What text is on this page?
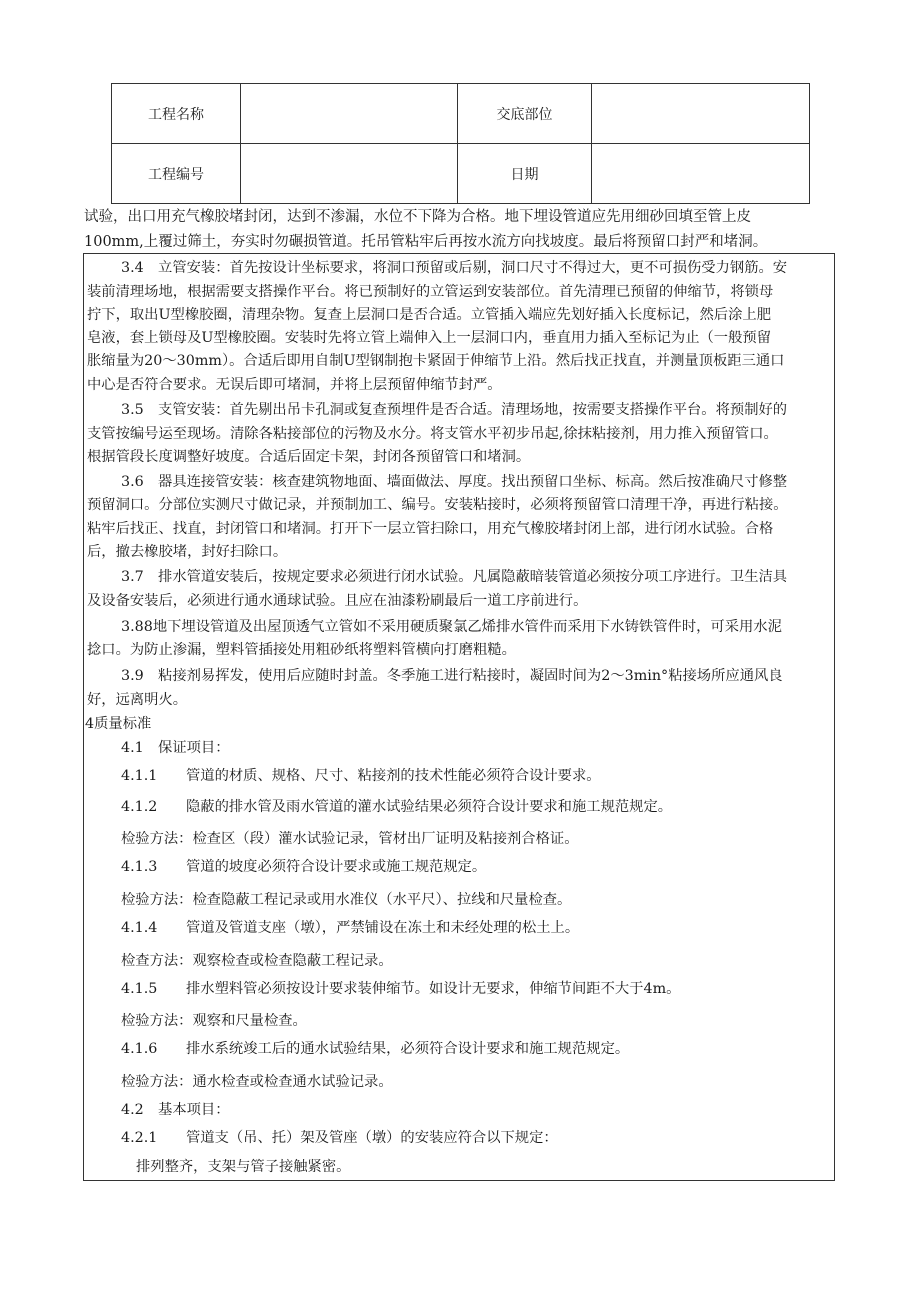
工程名称		交底部位	
工程编号		日期	
试验，出口用充气橡胶堵封闭，达到不渗漏，水位不下降为合格。地下埋设管道应先用细砂回填至管上皮
100mm,上覆过筛土，夯实时勿碾损管道。托吊管粘牢后再按水流方向找坡度。最后将预留口封严和堵洞。
3.4　立管安装：首先按设计坐标要求，将洞口预留或后剔，洞口尺寸不得过大，更不可损伤受力钢筋。安
装前清理场地，根据需要支搭操作平台。将已预制好的立管运到安装部位。首先清理已预留的伸缩节，将锁母
拧下，取出U型橡胶圈，清理杂物。复查上层洞口是否合适。立管插入端应先划好插入长度标记，然后涂上肥
皂液，套上锁母及U型橡胶圈。安装时先将立管上端伸入上一层洞口内，垂直用力插入至标记为止（一般预留
胀缩量为20～30mm）。合适后即用自制U型钢制抱卡紧固于伸缩节上沿。然后找正找直，并测量顶板距三通口
中心是否符合要求。无误后即可堵洞，并将上层预留伸缩节封严。
3.5　支管安装：首先剔出吊卡孔洞或复查预埋件是否合适。清理场地，按需要支搭操作平台。将预制好的
支管按编号运至现场。清除各粘接部位的污物及水分。将支管水平初步吊起,徐抹粘接剂，用力推入预留管口。
根据管段长度调整好坡度。合适后固定卡架，封闭各预留管口和堵洞。
3.6　器具连接管安装：核查建筑物地面、墙面做法、厚度。找出预留口坐标、标高。然后按准确尺寸修整
预留洞口。分部位实测尺寸做记录，并预制加工、编号。安装粘接时，必须将预留管口清理干净，再进行粘接。
粘牢后找正、找直，封闭管口和堵洞。打开下一层立管扫除口，用充气橡胶堵封闭上部，进行闭水试验。合格
后，撤去橡胶堵，封好扫除口。
3.7　排水管道安装后，按规定要求必须进行闭水试验。凡属隐蔽暗装管道必须按分项工序进行。卫生洁具
及设备安装后，必须进行通水通球试验。且应在油漆粉刷最后一道工序前进行。
3.88地下埋设管道及出屋顶透气立管如不采用硬质聚氯乙烯排水管件而采用下水铸铁管件时，可采用水泥
捻口。为防止渗漏，塑料管插接处用粗砂纸将塑料管横向打磨粗糙。
3.9　粘接剂易挥发，使用后应随时封盖。冬季施工进行粘接时，凝固时间为2～3min°粘接场所应通风良
好，远离明火。
4质量标准
4.1　保证项目：
4.1.1　　管道的材质、规格、尺寸、粘接剂的技术性能必须符合设计要求。
4.1.2　　隐蔽的排水管及雨水管道的灌水试验结果必须符合设计要求和施工规范规定。
检验方法：检查区（段）灌水试验记录，管材出厂证明及粘接剂合格证。
4.1.3　　管道的坡度必须符合设计要求或施工规范规定。
检验方法：检查隐蔽工程记录或用水准仪（水平尺）、拉线和尺量检查。
4.1.4　　管道及管道支座（墩），严禁铺设在冻土和未经处理的松土上。
检查方法：观察检查或检查隐蔽工程记录。
4.1.5　　排水塑料管必须按设计要求装伸缩节。如设计无要求，伸缩节间距不大于4m。
检验方法：观察和尺量检查。
4.1.6　　排水系统竣工后的通水试验结果，必须符合设计要求和施工规范规定。
检验方法：通水检查或检查通水试验记录。
4.2　基本项目：
4.2.1　　管道支（吊、托）架及管座（墩）的安装应符合以下规定：
排列整齐，支架与管子接触紧密。
